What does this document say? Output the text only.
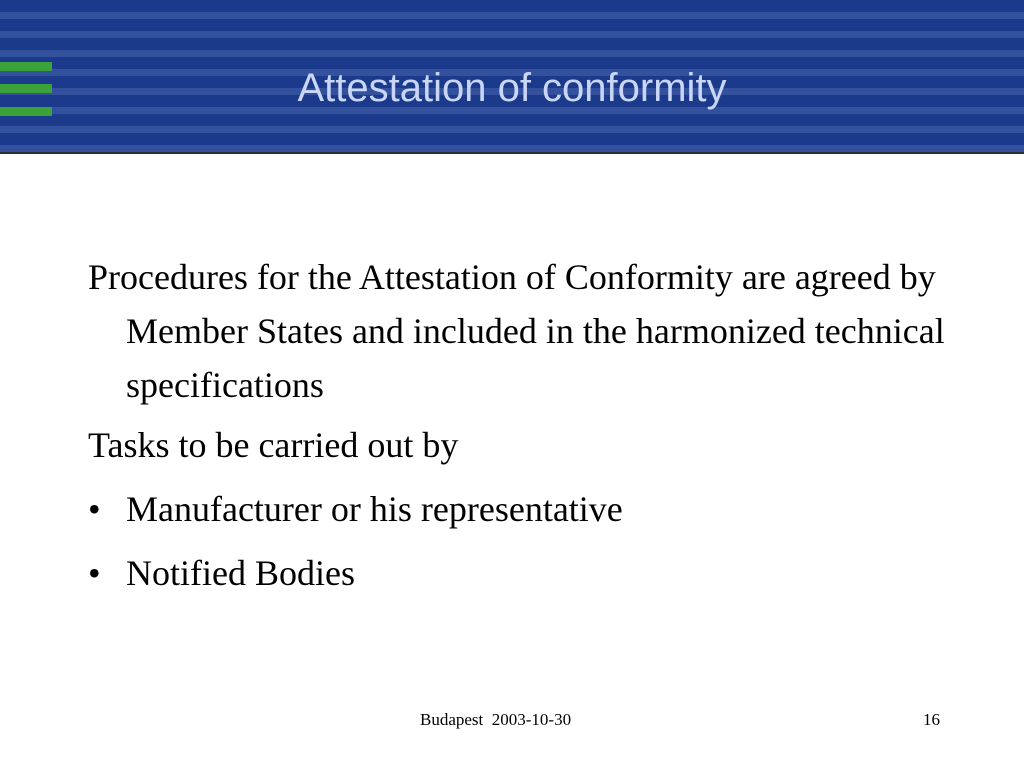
Attestation of conformity

Procedures for the Attestation of Conformity are agreed by Member States and included in the harmonized technical specifications

Tasks to be carried out by

• Manufacturer or his representative
• Notified Bodies
Budapest  2003-10-30	16
